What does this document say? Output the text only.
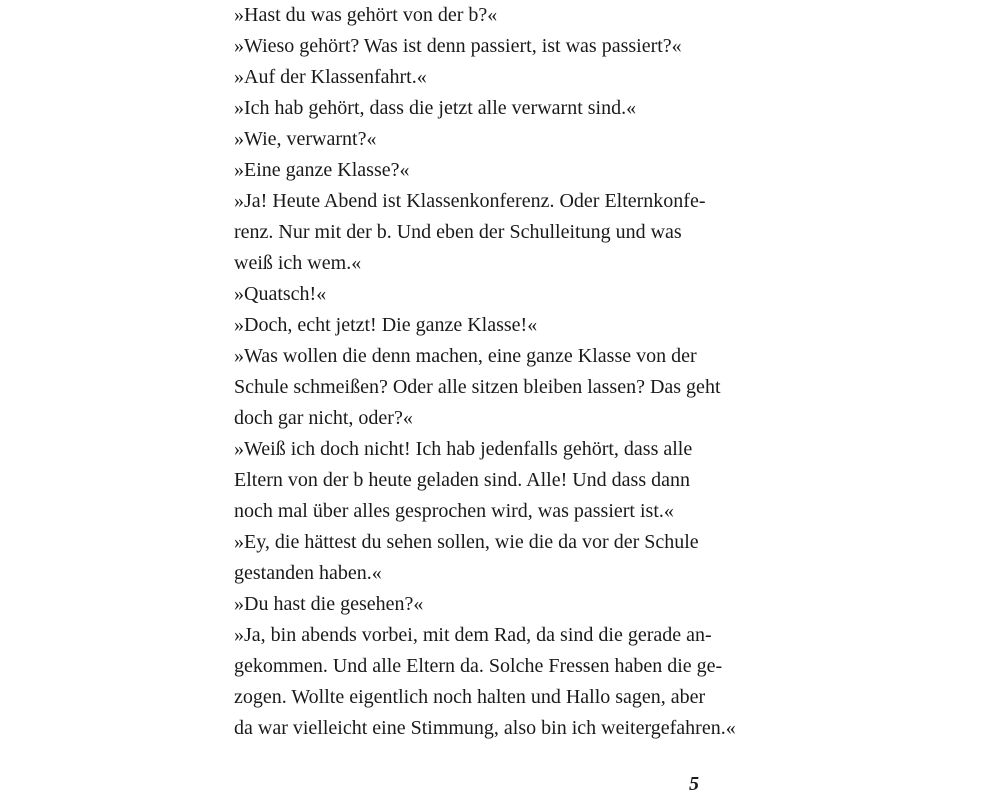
»Hast du was gehört von der b?«
»Wieso gehört? Was ist denn passiert, ist was passiert?«
»Auf der Klassenfahrt.«
»Ich hab gehört, dass die jetzt alle verwarnt sind.«
»Wie, verwarnt?«
»Eine ganze Klasse?«
»Ja! Heute Abend ist Klassenkonferenz. Oder Elternkonfe-
renz. Nur mit der b. Und eben der Schulleitung und was
weiß ich wem.«
»Quatsch!«
»Doch, echt jetzt! Die ganze Klasse!«
»Was wollen die denn machen, eine ganze Klasse von der
Schule schmeißen? Oder alle sitzen bleiben lassen? Das geht
doch gar nicht, oder?«
»Weiß ich doch nicht! Ich hab jedenfalls gehört, dass alle
Eltern von der b heute geladen sind. Alle! Und dass dann
noch mal über alles gesprochen wird, was passiert ist.«
»Ey, die hättest du sehen sollen, wie die da vor der Schule
gestanden haben.«
»Du hast die gesehen?«
»Ja, bin abends vorbei, mit dem Rad, da sind die gerade an-
gekommen. Und alle Eltern da. Solche Fressen haben die ge-
zogen. Wollte eigentlich noch halten und Hallo sagen, aber
da war vielleicht eine Stimmung, also bin ich weitergefahren.«
5
